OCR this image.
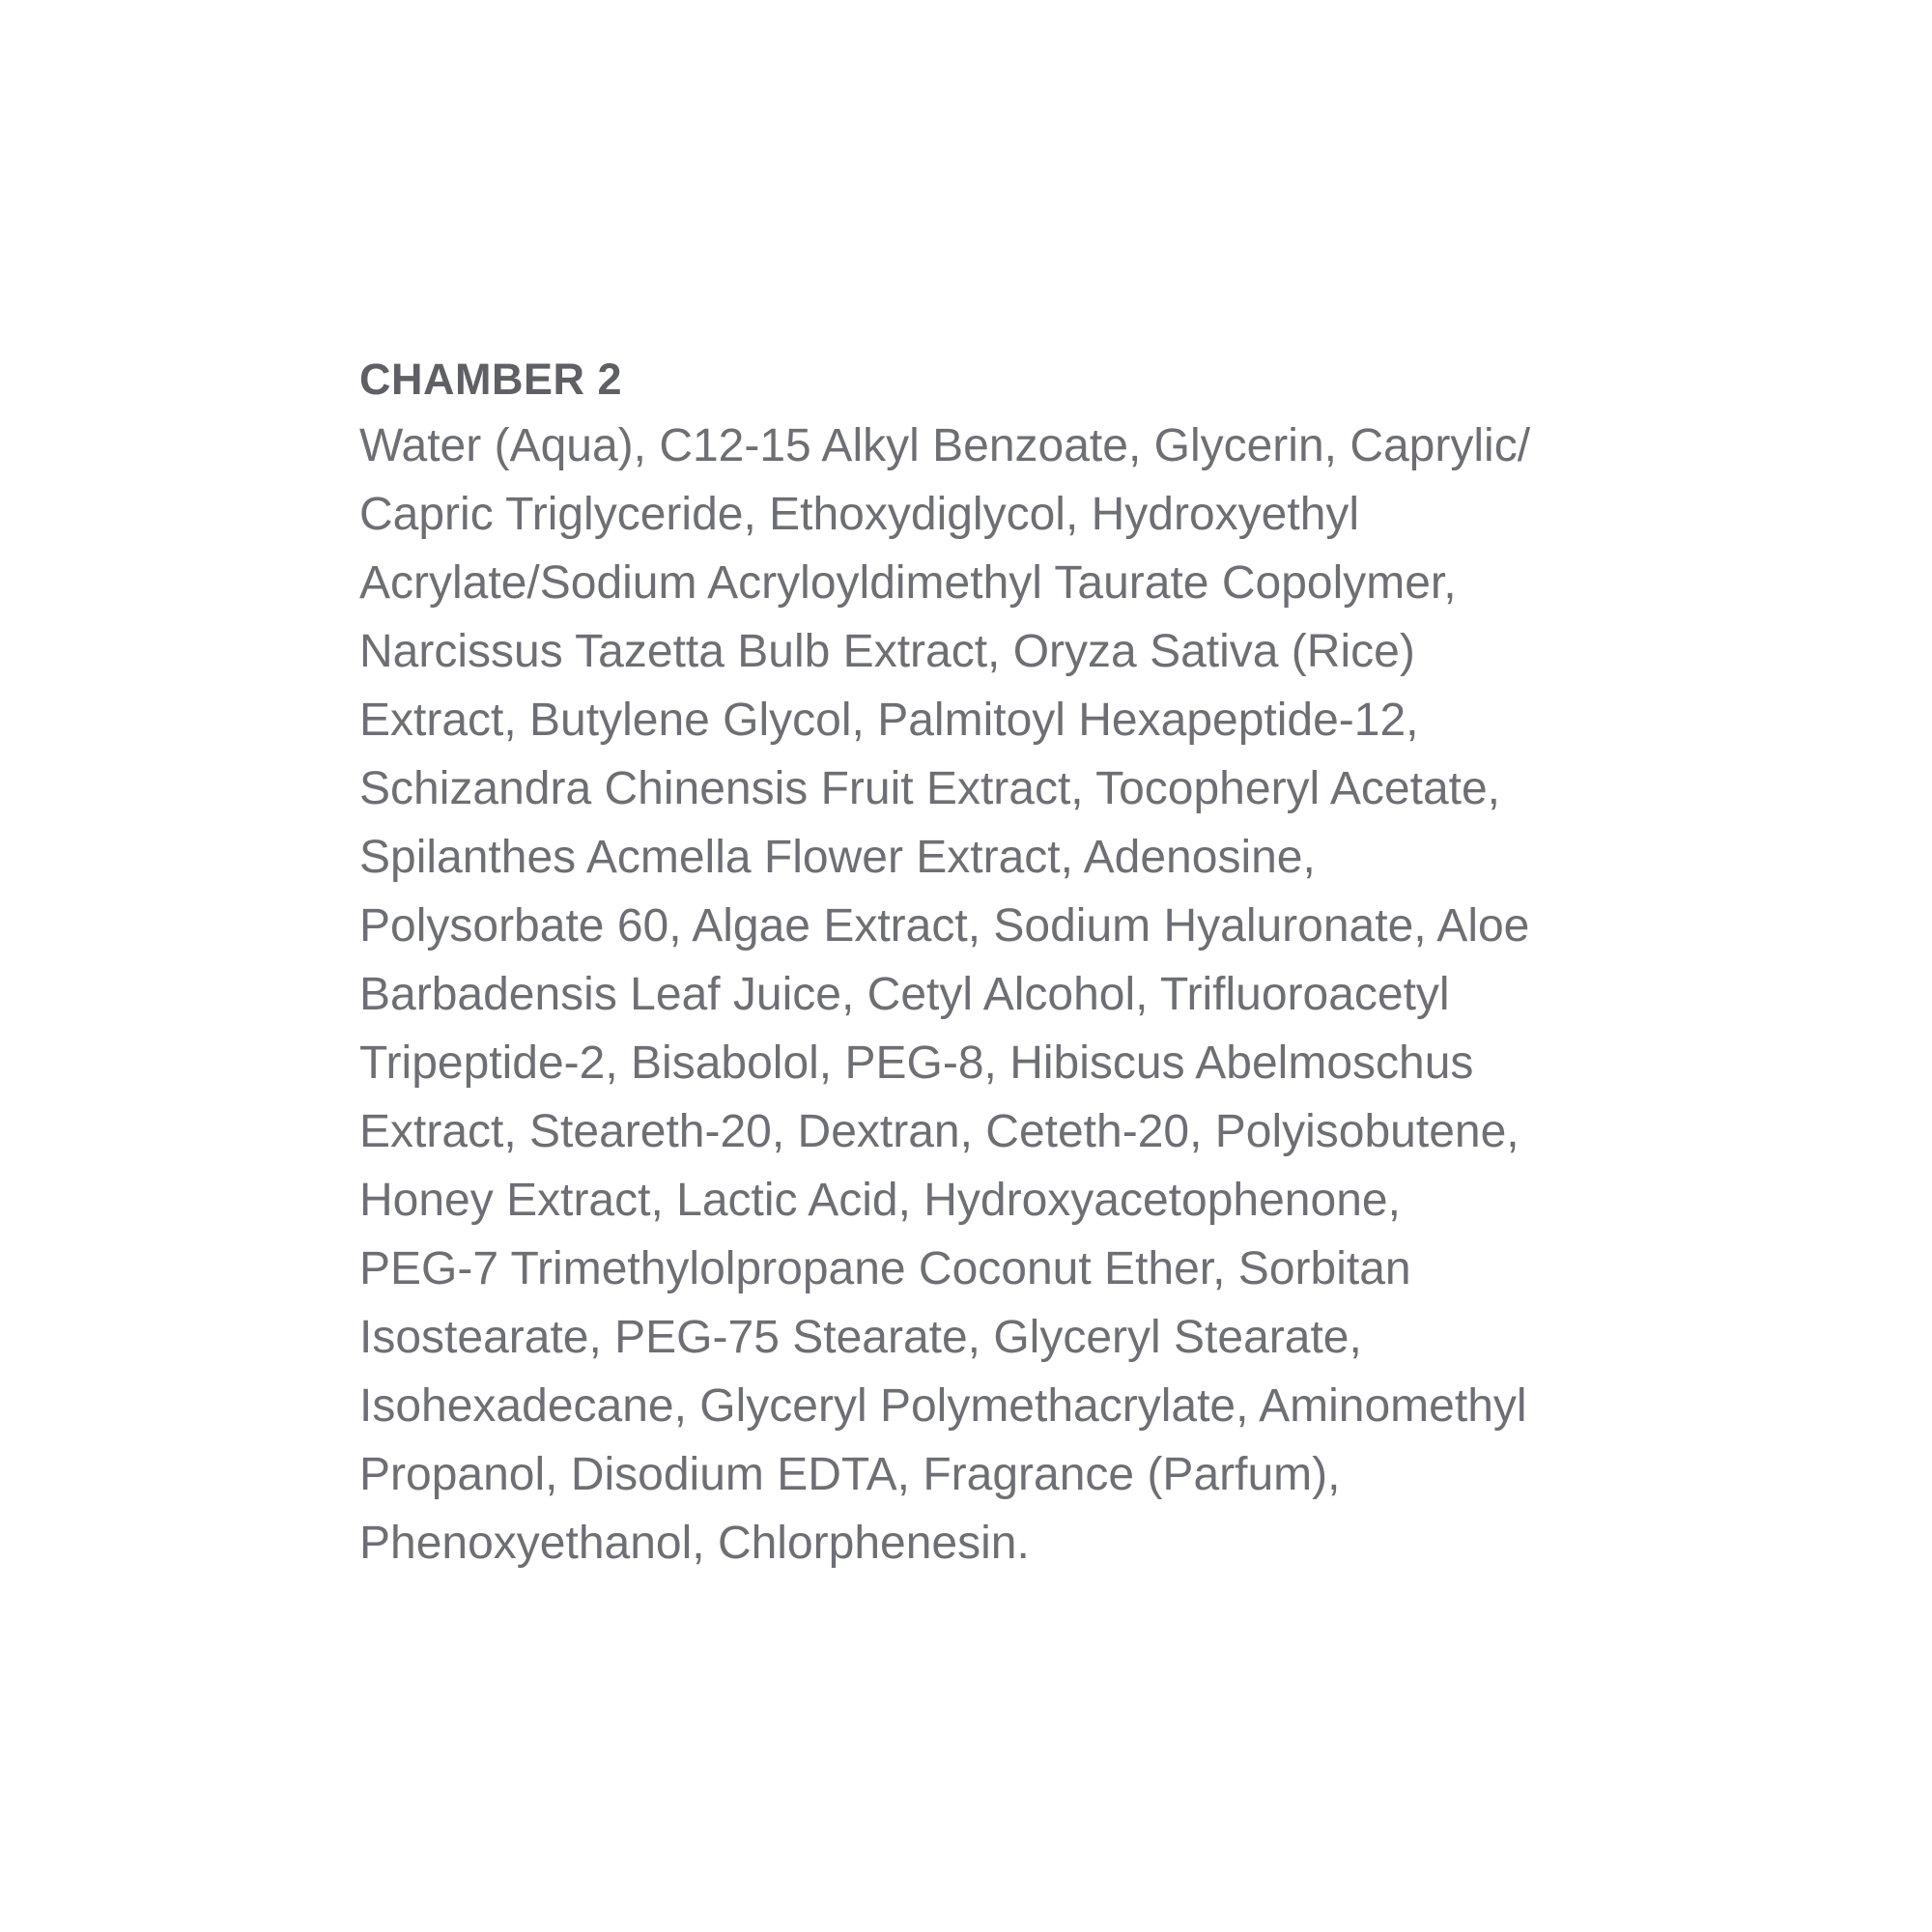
CHAMBER 2
Water (Aqua), C12-15 Alkyl Benzoate, Glycerin, Caprylic/
Capric Triglyceride, Ethoxydiglycol, Hydroxyethyl
Acrylate/Sodium Acryloyldimethyl Taurate Copolymer,
Narcissus Tazetta Bulb Extract, Oryza Sativa (Rice)
Extract, Butylene Glycol, Palmitoyl Hexapeptide-12,
Schizandra Chinensis Fruit Extract, Tocopheryl Acetate,
Spilanthes Acmella Flower Extract, Adenosine,
Polysorbate 60, Algae Extract, Sodium Hyaluronate, Aloe
Barbadensis Leaf Juice, Cetyl Alcohol, Trifluoroacetyl
Tripeptide-2, Bisabolol, PEG-8, Hibiscus Abelmoschus
Extract, Steareth-20, Dextran, Ceteth-20, Polyisobutene,
Honey Extract, Lactic Acid, Hydroxyacetophenone,
PEG-7 Trimethylolpropane Coconut Ether, Sorbitan
Isostearate, PEG-75 Stearate, Glyceryl Stearate,
Isohexadecane, Glyceryl Polymethacrylate, Aminomethyl
Propanol, Disodium EDTA, Fragrance (Parfum),
Phenoxyethanol, Chlorphenesin.
